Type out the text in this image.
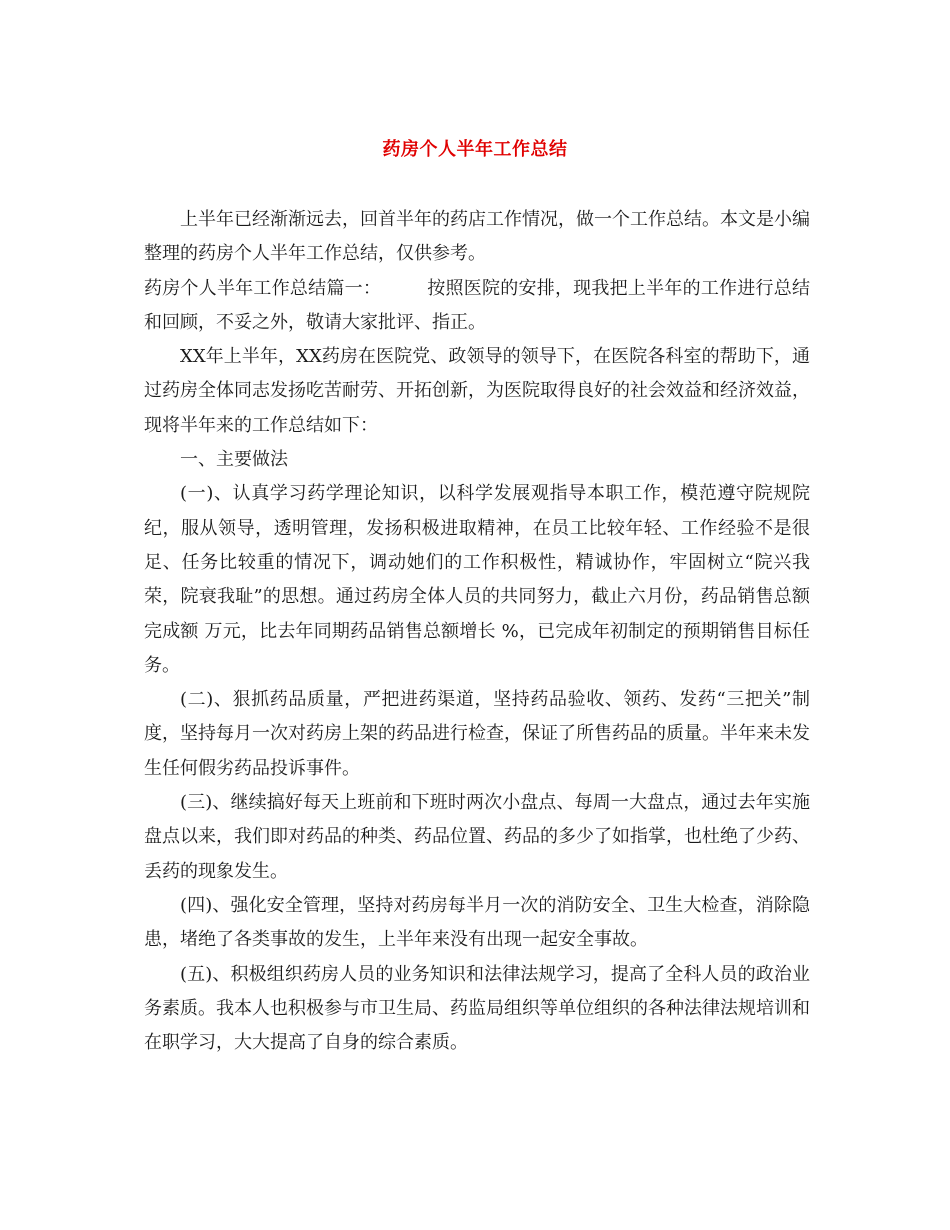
药房个人半年工作总结

上半年已经渐渐远去，回首半年的药店工作情况，做一个工作总结。本文是小编整理的药房个人半年工作总结，仅供参考。

药房个人半年工作总结篇一：	按照医院的安排，现我把上半年的工作进行总结和回顾，不妥之外，敬请大家批评、指正。

XX年上半年，XX药房在医院党、政领导的领导下，在医院各科室的帮助下，通过药房全体同志发扬吃苦耐劳、开拓创新，为医院取得良好的社会效益和经济效益，现将半年来的工作总结如下：

一、主要做法

(一)、认真学习药学理论知识，以科学发展观指导本职工作，模范遵守院规院纪，服从领导，透明管理，发扬积极进取精神，在员工比较年轻、工作经验不是很足、任务比较重的情况下，调动她们的工作积极性，精诚协作，牢固树立“院兴我荣，院衰我耻”的思想。通过药房全体人员的共同努力，截止六月份，药品销售总额完成额 万元，比去年同期药品销售总额增长 %，已完成年初制定的预期销售目标任务。

(二)、狠抓药品质量，严把进药渠道，坚持药品验收、领药、发药“三把关”制度，坚持每月一次对药房上架的药品进行检查，保证了所售药品的质量。半年来未发生任何假劣药品投诉事件。

(三)、继续搞好每天上班前和下班时两次小盘点、每周一大盘点，通过去年实施盘点以来，我们即对药品的种类、药品位置、药品的多少了如指掌，也杜绝了少药、丢药的现象发生。

(四)、强化安全管理，坚持对药房每半月一次的消防安全、卫生大检查，消除隐患，堵绝了各类事故的发生，上半年来没有出现一起安全事故。

(五)、积极组织药房人员的业务知识和法律法规学习，提高了全科人员的政治业务素质。我本人也积极参与市卫生局、药监局组织等单位组织的各种法律法规培训和在职学习，大大提高了自身的综合素质。
